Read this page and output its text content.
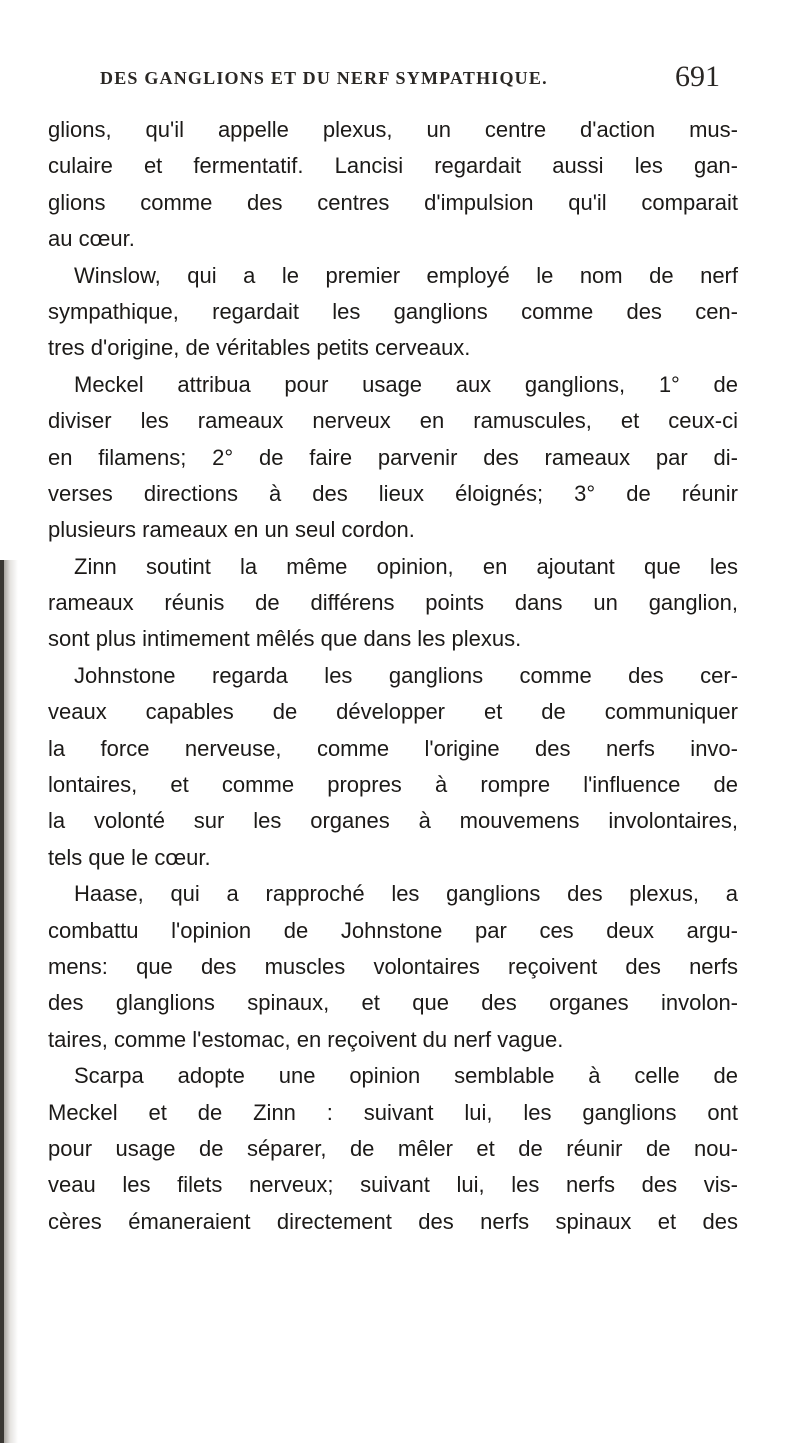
DES GANGLIONS ET DU NERF SYMPATHIQUE.	691
glions, qu'il appelle plexus, un centre d'action mus-
culaire et fermentatif. Lancisi regardait aussi les gan-
glions comme des centres d'impulsion qu'il comparait
au cœur.
Winslow, qui a le premier employé le nom de nerf
sympathique, regardait les ganglions comme des cen-
tres d'origine, de véritables petits cerveaux.
Meckel attribua pour usage aux ganglions, 1° de
diviser les rameaux nerveux en ramuscules, et ceux-ci
en filamens; 2° de faire parvenir des rameaux par di-
verses directions à des lieux éloignés; 3° de réunir
plusieurs rameaux en un seul cordon.
Zinn soutint la même opinion, en ajoutant que les
rameaux réunis de différens points dans un ganglion,
sont plus intimement mêlés que dans les plexus.
Johnstone regarda les ganglions comme des cer-
veaux capables de développer et de communiquer
la force nerveuse, comme l'origine des nerfs invo-
lontaires, et comme propres à rompre l'influence de
la volonté sur les organes à mouvemens involontaires,
tels que le cœur.
Haase, qui a rapproché les ganglions des plexus, a
combattu l'opinion de Johnstone par ces deux argu-
mens: que des muscles volontaires reçoivent des nerfs
des glanglions spinaux, et que des organes involon-
taires, comme l'estomac, en reçoivent du nerf vague.
Scarpa adopte une opinion semblable à celle de
Meckel et de Zinn : suivant lui, les ganglions ont
pour usage de séparer, de mêler et de réunir de nou-
veau les filets nerveux; suivant lui, les nerfs des vis-
cères émaneraient directement des nerfs spinaux et des
